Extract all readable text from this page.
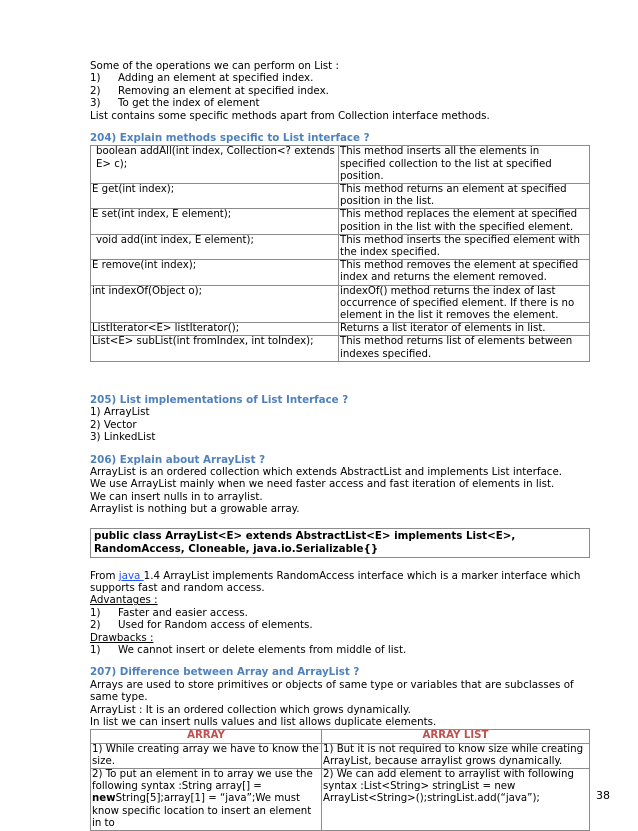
Some of the operations we can perform on List :

1)	Adding an element at specified index.
2)	Removing an element at specified index.
3)	To get the index of element

List contains some specific methods apart from Collection interface methods.

204) Explain methods specific to List interface ?

boolean addAll(int index, Collection<? extends E> c);	This method inserts all the elements in specified collection to the list at specified position.
E get(int index);	This method returns an element at specified position in the list.
E set(int index, E element);	This method replaces the element at specified position in the list with the specified element.
void add(int index, E element);	This method inserts the specified element with the index specified.
E remove(int index);	This method removes the element at specified index and returns the element removed.
int indexOf(Object o);	indexOf() method returns the index of last occurrence of specified element. If there is no element in the list it removes the element.
ListIterator<E> listIterator();	Returns a list iterator of elements in list.
List<E> subList(int fromIndex, int toIndex);	This method returns list of elements between indexes specified.

205) List implementations of List Interface ?

1) ArrayList

2) Vector

3) LinkedList

206) Explain about ArrayList ?

ArrayList is an ordered collection which extends AbstractList and implements List interface.

We use ArrayList mainly when we need faster access and fast iteration of elements in list.

We can insert nulls in to arraylist.

Arraylist is nothing but a growable array.

public class ArrayList<E> extends AbstractList<E> implements List<E>,
RandomAccess, Cloneable, java.io.Serializable{}

From java 1.4 ArrayList implements RandomAccess interface which is a marker interface which supports fast and random access.

Advantages :

1)	Faster and easier access.
2)	Used for Random access of elements.

Drawbacks :

1)	We cannot insert or delete elements from middle of list.

207) Difference between Array and ArrayList ?

Arrays are used to store primitives or objects of same type or variables that are subclasses of same type.

ArrayList : It is an ordered collection which grows dynamically.

In list we can insert nulls values and list allows duplicate elements.

ARRAY	ARRAY LIST
1) While creating array we have to know the size.	1) But it is not required to know size while creating ArrayList, because arraylist grows dynamically.
2) To put an element in to array we use the following syntax :String array[] = newString[5];array[1] = “java”;We must know specific location to insert an element in to	2) We can add element to arraylist with following syntax :List<String> stringList = new ArrayList<String>();stringList.add(“java”);	38
